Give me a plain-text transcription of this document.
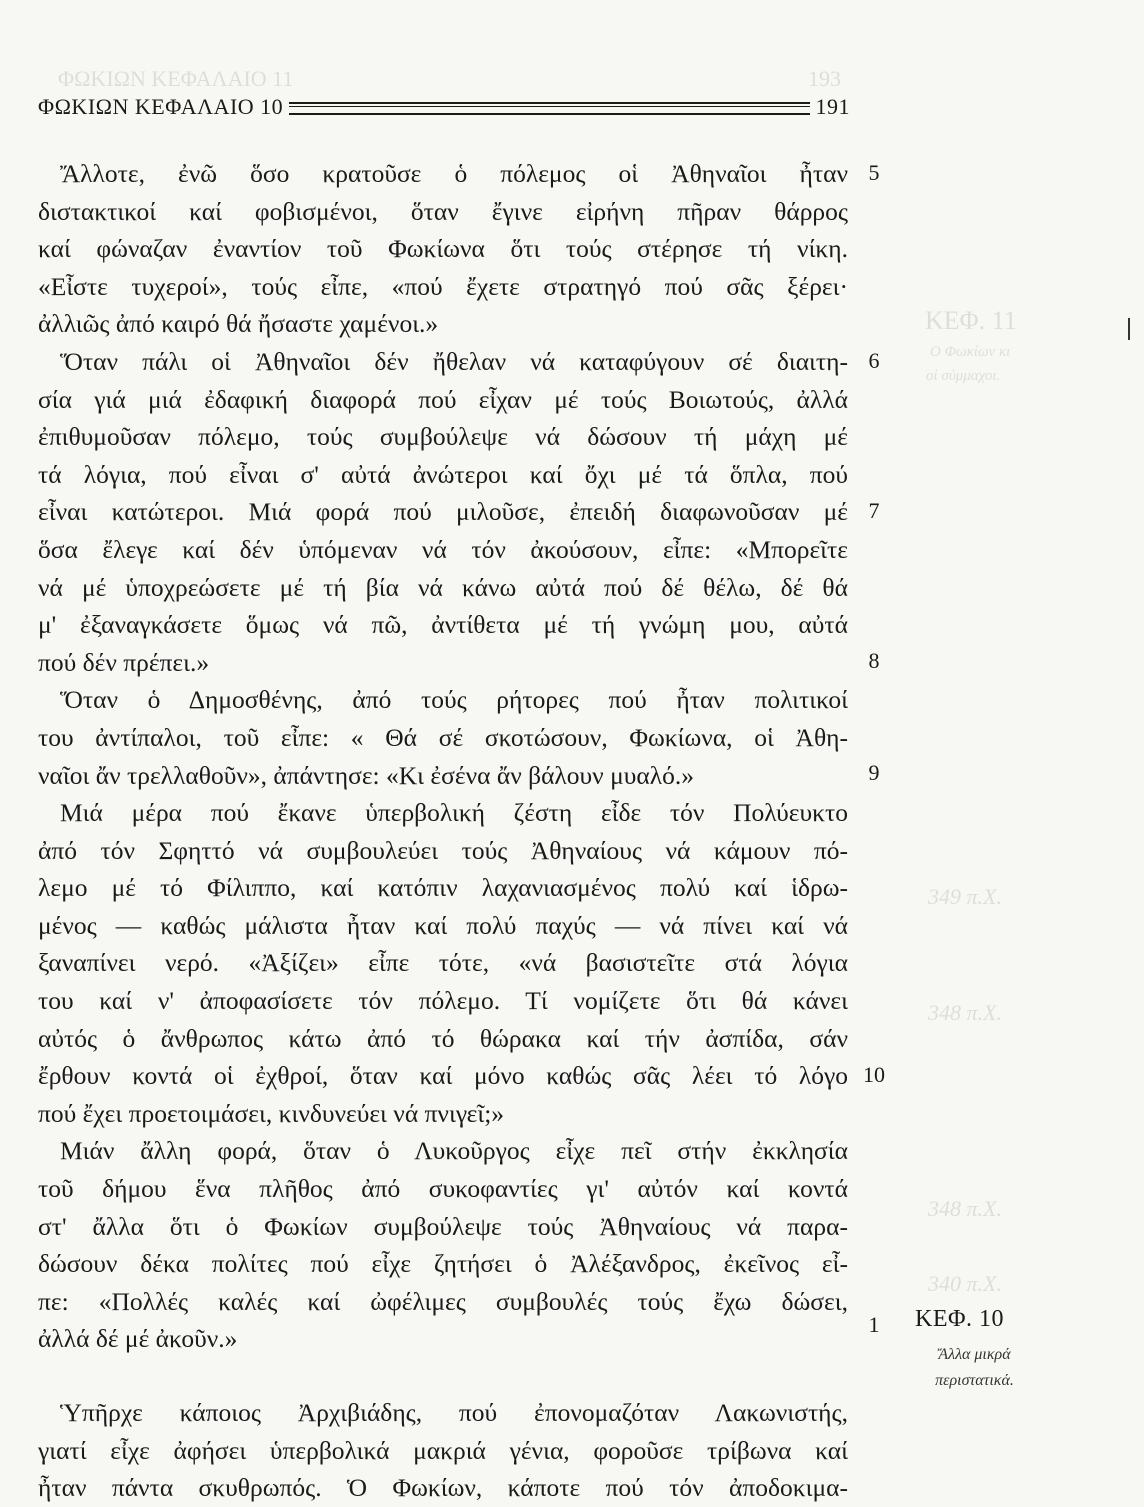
ΦΩΚΙΩΝ ΚΕΦΑΛΑΙΟ 11	193
ΚΕΦ. 11
Ο Φωκίων κι
οἱ σύμμαχοι.
349 π.Χ.
348 π.Χ.
348 π.Χ.
340 π.Χ.
ΦΩΚΙΩΝ ΚΕΦΑΛΑΙΟ 10	191
Ἄλλοτε, ἐνῶ ὅσο κρατοῦσε ὁ πόλεμος οἱ Ἀθηναῖοι ἦταν
διστακτικοί καί φοβισμένοι, ὅταν ἔγινε εἰρήνη πῆραν θάρρος
καί φώναζαν ἐναντίον τοῦ Φωκίωνα ὅτι τούς στέρησε τή νίκη.
«Εἶστε τυχεροί», τούς εἶπε, «πού ἔχετε στρατηγό πού σᾶς ξέρει·
ἀλλιῶς ἀπό καιρό θά ἤσαστε χαμένοι.»
Ὅταν πάλι οἱ Ἀθηναῖοι δέν ἤθελαν νά καταφύγουν σέ διαιτη-
σία γιά μιά ἐδαφική διαφορά πού εἶχαν μέ τούς Βοιωτούς, ἀλλά
ἐπιθυμοῦσαν πόλεμο, τούς συμβούλεψε νά δώσουν τή μάχη μέ
τά λόγια, πού εἶναι σ' αὐτά ἀνώτεροι καί ὄχι μέ τά ὅπλα, πού
εἶναι κατώτεροι. Μιά φορά πού μιλοῦσε, ἐπειδή διαφωνοῦσαν μέ
ὅσα ἔλεγε καί δέν ὑπόμεναν νά τόν ἀκούσουν, εἶπε: «Μπορεῖτε
νά μέ ὑποχρεώσετε μέ τή βία νά κάνω αὐτά πού δέ θέλω, δέ θά
μ' ἐξαναγκάσετε ὅμως νά πῶ, ἀντίθετα μέ τή γνώμη μου, αὐτά
πού δέν πρέπει.»
Ὅταν ὁ Δημοσθένης, ἀπό τούς ρήτορες πού ἦταν πολιτικοί
του ἀντίπαλοι, τοῦ εἶπε: « Θά σέ σκοτώσουν, Φωκίωνα, οἱ Ἀθη-
ναῖοι ἄν τρελλαθοῦν», ἀπάντησε: «Κι ἐσένα ἄν βάλουν μυαλό.»
Μιά μέρα πού ἔκανε ὑπερβολική ζέστη εἶδε τόν Πολύευκτο
ἀπό τόν Σφηττό νά συμβουλεύει τούς Ἀθηναίους νά κάμουν πό-
λεμο μέ τό Φίλιππο, καί κατόπιν λαχανιασμένος πολύ καί ἱδρω-
μένος — καθώς μάλιστα ἦταν καί πολύ παχύς — νά πίνει καί νά
ξαναπίνει νερό. «Ἀξίζει» εἶπε τότε, «νά βασιστεῖτε στά λόγια
του καί ν' ἀποφασίσετε τόν πόλεμο. Τί νομίζετε ὅτι θά κάνει
αὐτός ὁ ἄνθρωπος κάτω ἀπό τό θώρακα καί τήν ἀσπίδα, σάν
ἔρθουν κοντά οἱ ἐχθροί, ὅταν καί μόνο καθώς σᾶς λέει τό λόγο
πού ἔχει προετοιμάσει, κινδυνεύει νά πνιγεῖ;»
Μιάν ἄλλη φορά, ὅταν ὁ Λυκοῦργος εἶχε πεῖ στήν ἐκκλησία
τοῦ δήμου ἕνα πλῆθος ἀπό συκοφαντίες γι' αὐτόν καί κοντά
στ' ἄλλα ὅτι ὁ Φωκίων συμβούλεψε τούς Ἀθηναίους νά παρα-
δώσουν δέκα πολίτες πού εἶχε ζητήσει ὁ Ἀλέξανδρος, ἐκεῖνος εἶ-
πε: «Πολλές καλές καί ὠφέλιμες συμβουλές τούς ἔχω δώσει,
ἀλλά δέ μέ ἀκοῦν.»
Ὑπῆρχε κάποιος Ἀρχιβιάδης, πού ἐπονομαζόταν Λακωνιστής,
γιατί εἶχε ἀφήσει ὑπερβολικά μακριά γένια, φοροῦσε τρίβωνα καί
ἦταν πάντα σκυθρωπός. Ὁ Φωκίων, κάποτε πού τόν ἀποδοκιμα-
5
6
7
8
9
10
1	ΚΕΦ. 10
Ἄλλα μικρά
περιστατικά.
